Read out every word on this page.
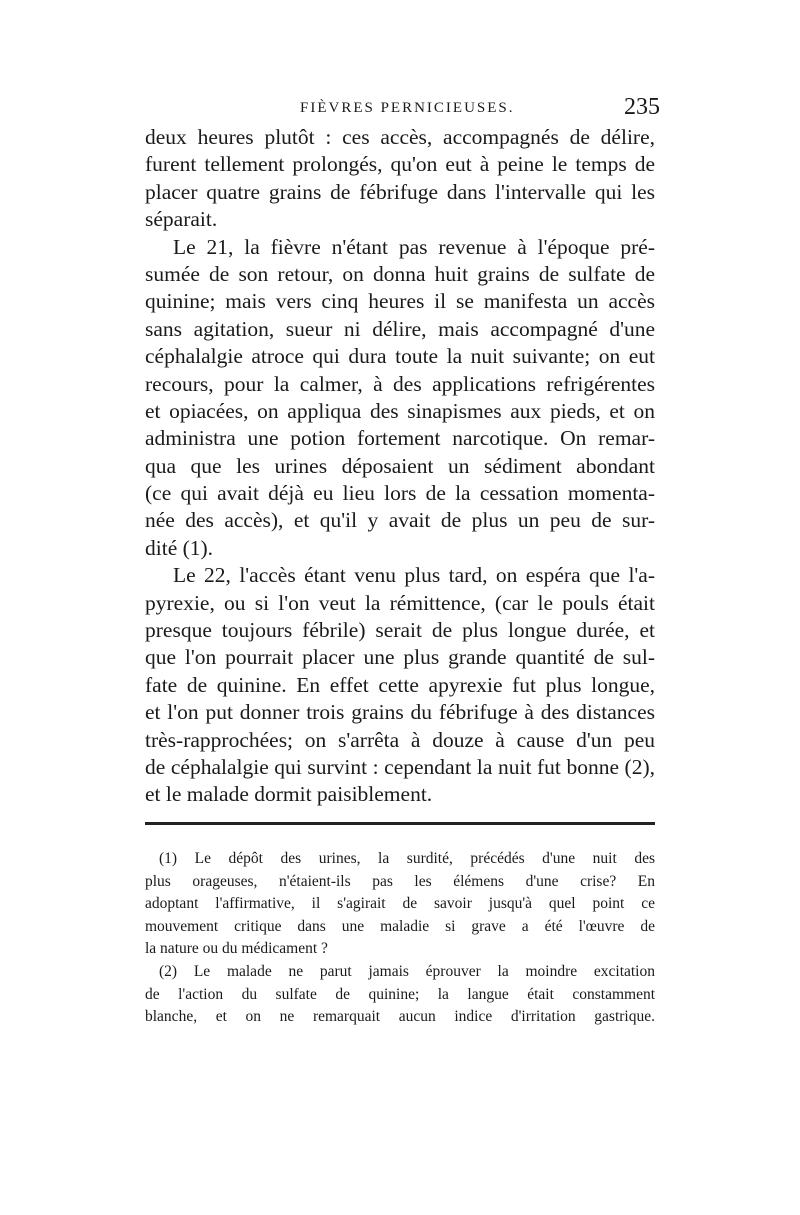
FIÈVRES PERNICIEUSES.	235
deux heures plutôt : ces accès, accompagnés de délire,
furent tellement prolongés, qu'on eut à peine le temps de
placer quatre grains de fébrifuge dans l'intervalle qui les
séparait.
Le 21, la fièvre n'étant pas revenue à l'époque pré-
sumée de son retour, on donna huit grains de sulfate de
quinine; mais vers cinq heures il se manifesta un accès
sans agitation, sueur ni délire, mais accompagné d'une
céphalalgie atroce qui dura toute la nuit suivante; on eut
recours, pour la calmer, à des applications refrigérentes
et opiacées, on appliqua des sinapismes aux pieds, et on
administra une potion fortement narcotique. On remar-
qua que les urines déposaient un sédiment abondant
(ce qui avait déjà eu lieu lors de la cessation momenta-
née des accès), et qu'il y avait de plus un peu de sur-
dité (1).
Le 22, l'accès étant venu plus tard, on espéra que l'a-
pyrexie, ou si l'on veut la rémittence, (car le pouls était
presque toujours fébrile) serait de plus longue durée, et
que l'on pourrait placer une plus grande quantité de sul-
fate de quinine. En effet cette apyrexie fut plus longue,
et l'on put donner trois grains du fébrifuge à des distances
très-rapprochées; on s'arrêta à douze à cause d'un peu
de céphalalgie qui survint : cependant la nuit fut bonne (2),
et le malade dormit paisiblement.
(1) Le dépôt des urines, la surdité, précédés d'une nuit des
plus orageuses, n'étaient-ils pas les élémens d'une crise? En
adoptant l'affirmative, il s'agirait de savoir jusqu'à quel point ce
mouvement critique dans une maladie si grave a été l'œuvre de
la nature ou du médicament ?
(2) Le malade ne parut jamais éprouver la moindre excitation
de l'action du sulfate de quinine; la langue était constamment
blanche, et on ne remarquait aucun indice d'irritation gastrique.
